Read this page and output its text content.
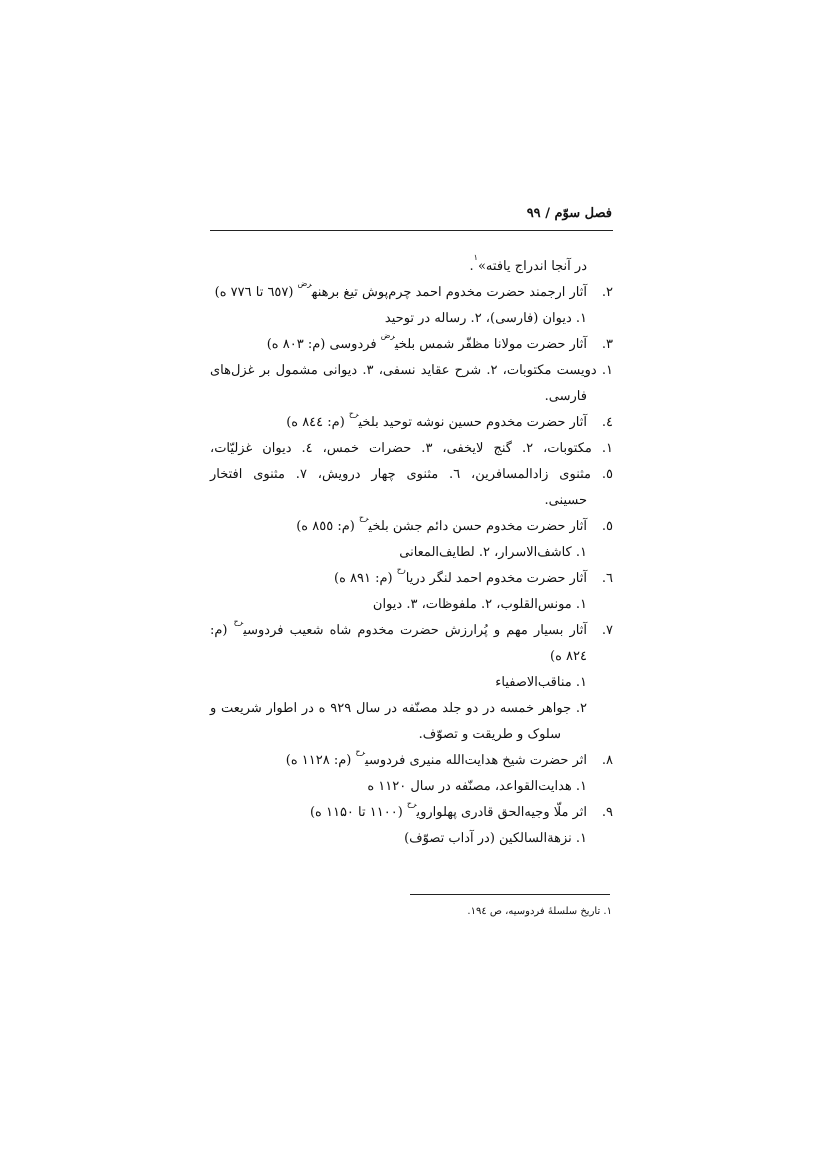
فصل سوّم / ۹۹
در آنجا اندراج یافته»$^۱$.
۲.
آثار ارجمند حضرت مخدوم احمد چرم‌پوش تیغ برهنه$^{رض}$ (٦٥٧ تا ٧٧٦ ه)
۱. دیوان (فارسی)، ۲. رساله در توحید
۳.
آثار حضرت مولانا مظفّر شمس بلخی$^{رض}$ فردوسی (م: ۸۰۳ ه)
۱. دویست مکتوبات، ۲. شرح عقاید نسفی، ۳. دیوانی مشمول بر غزل‌های
فارسی.
٤.
آثار حضرت مخدوم حسین نوشه توحید بلخی$^{رح}$ (م: ٨٤٤ ه)
۱. مکتوبات، ۲. گنج لایخفی، ۳. حضرات خمس، ٤. دیوان غزلیّات،
٥. مثنوی زادالمسافرین، ٦. مثنوی چهار درویش، ٧. مثنوی افتخار
حسینی.
٥.
آثار حضرت مخدوم حسن دائم جشن بلخی$^{رح}$ (م: ٨٥٥ ه)
۱. کاشف‌الاسرار، ۲. لطایف‌المعانی
٦.
آثار حضرت مخدوم احمد لنگر دریا$^{رح}$ (م: ۸۹۱ ه)
۱. مونس‌القلوب، ۲. ملفوظات، ۳. دیوان
٧.
آثار بسیار مهم و پُرارزش حضرت مخدوم شاه شعیب فردوسی$^{رح}$ (م:
٨٢٤ ه)
۱. مناقب‌الاصفیاء
۲. جواهر خمسه در دو جلد مصنّفه در سال ۹۲۹ ه در اطوار شریعت و
سلوک و طریقت و تصوّف.
۸.
اثر حضرت شیخ هدایت‌الله منیری فردوسی$^{رح}$ (م: ۱۱۲۸ ه)
۱. هدایت‌القواعد، مصنّفه در سال ۱۱۲۰ ه
۹.
اثر ملّا وجیه‌الحق قادری پهلواروی$^{رح}$ (۱۱۰۰ تا ۱۱۵۰ ه)
۱. نزهةالسالکین (در آداب تصوّف)
۱. تاریخ سلسلهٔ فردوسیه، ص ١٩٤.
